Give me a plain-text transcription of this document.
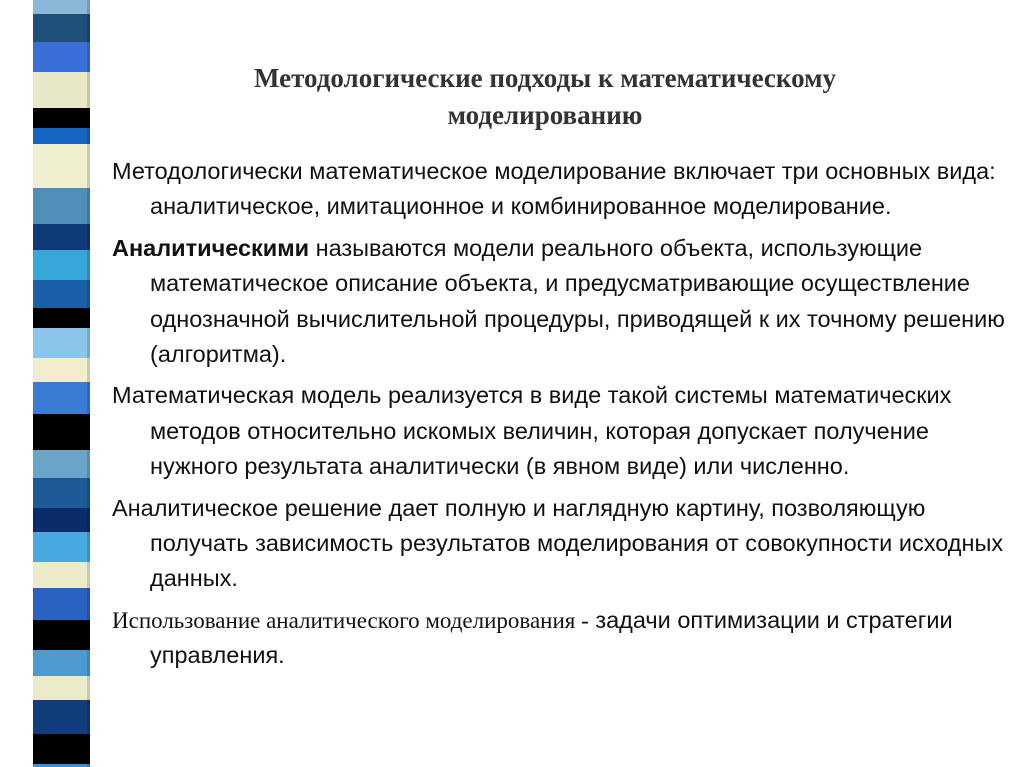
Методологические подходы к математическому
моделированию

Методологически математическое моделирование включает три основных вида: аналитическое, имитационное и комбинированное моделирование.

Аналитическими называются модели реального объекта, использующие математическое описание объекта, и предусматривающие осуществление однозначной вычислительной процедуры, приводящей к их точному решению (алгоритма).

Математическая модель реализуется в виде такой системы математических методов относительно искомых величин, которая допускает получение нужного результата аналитически (в явном виде) или численно.

Аналитическое решение дает полную и наглядную картину, позволяющую получать зависимость результатов моделирования от совокупности исходных данных.

Использование аналитического моделирования - задачи оптимизации и стратегии управления.
